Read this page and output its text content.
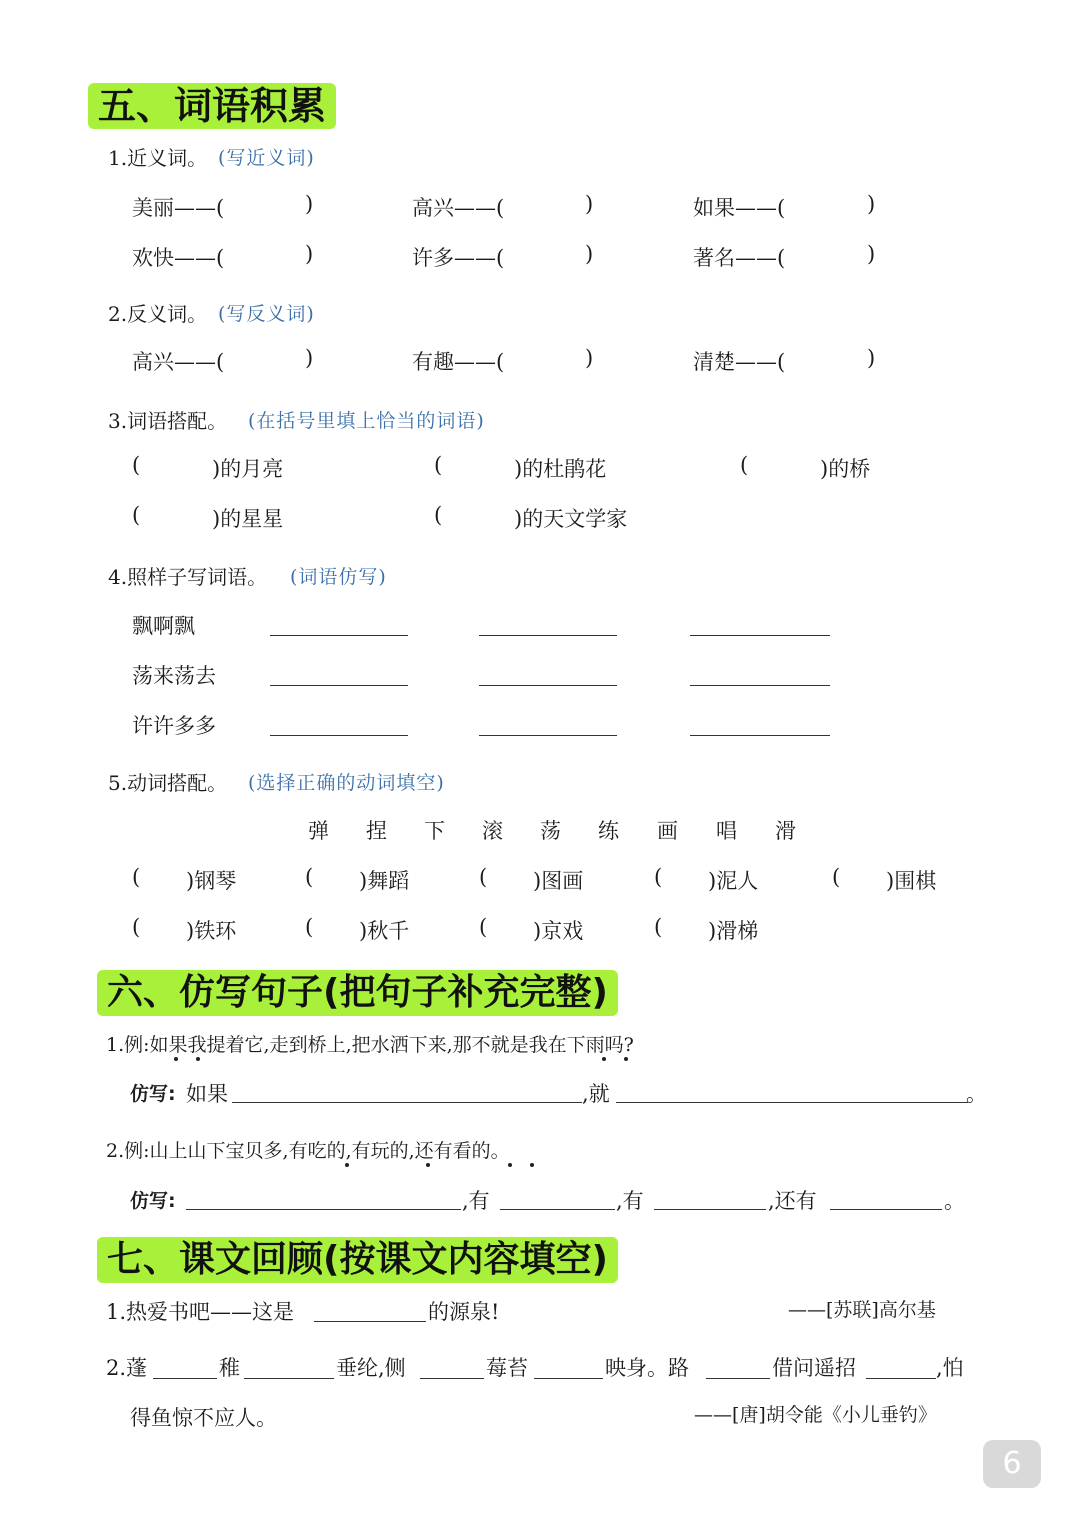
五、词语积累
1.近义词。 (写近义词)
美丽——(	)	高兴——(	)	如果——(	)
欢快——(	)	许多——(	)	著名——(	)
2.反义词。 (写反义词)
高兴——(	)	有趣——(	)	清楚——(	)
3.词语搭配。 (在括号里填上恰当的词语)
(	)的月亮	(	)的杜鹃花	(	)的桥
(	)的星星	(	)的天文学家
4.照样子写词语。 (词语仿写)
飘啊飘
荡来荡去
许许多多
5.动词搭配。 (选择正确的动词填空)
弹 捏 下 滚 荡 练 画 唱 滑
( )钢琴	( )舞蹈	( )图画	( )泥人	( )围棋
( )铁环	( )秋千	( )京戏	( )滑梯
六、仿写句子(把句子补充完整)
1.例:如果我提着它,走到桥上,把水洒下来,那不就是我在下雨吗?
仿写: 如果	,就	。
2.例:山上山下宝贝多,有吃的,有玩的,还有看的。
仿写:	,有	,有	,还有	。
七、课文回顾(按课文内容填空)
1.热爱书吧——这是	的源泉!	——[苏联]高尔基
2.蓬	稚	垂纶,侧	莓苔	映身。路	借问遥招	,怕
得鱼惊不应人。	——[唐]胡令能《小儿垂钓》
6
